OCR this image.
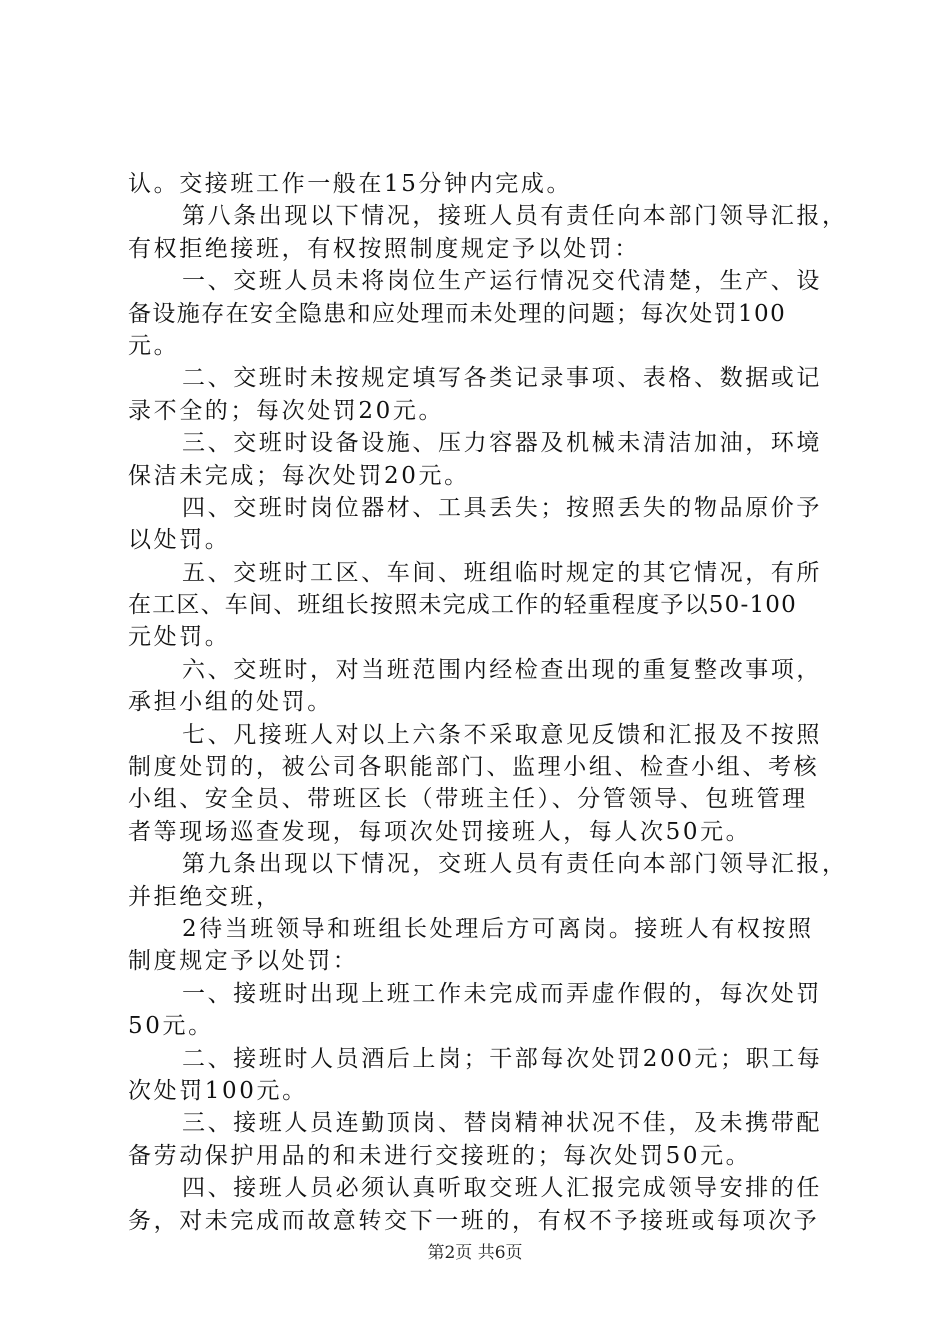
认。交接班工作一般在15分钟内完成。
第八条出现以下情况，接班人员有责任向本部门领导汇报，
有权拒绝接班，有权按照制度规定予以处罚：
一、交班人员未将岗位生产运行情况交代清楚，生产、设
备设施存在安全隐患和应处理而未处理的问题；每次处罚100
元。
二、交班时未按规定填写各类记录事项、表格、数据或记
录不全的；每次处罚20元。
三、交班时设备设施、压力容器及机械未清洁加油，环境
保洁未完成；每次处罚20元。
四、交班时岗位器材、工具丢失；按照丢失的物品原价予
以处罚。
五、交班时工区、车间、班组临时规定的其它情况，有所
在工区、车间、班组长按照未完成工作的轻重程度予以50-100
元处罚。
六、交班时，对当班范围内经检查出现的重复整改事项，
承担小组的处罚。
七、凡接班人对以上六条不采取意见反馈和汇报及不按照
制度处罚的，被公司各职能部门、监理小组、检查小组、考核
小组、安全员、带班区长（带班主任）、分管领导、包班管理
者等现场巡查发现，每项次处罚接班人，每人次50元。
第九条出现以下情况，交班人员有责任向本部门领导汇报，
并拒绝交班，
2待当班领导和班组长处理后方可离岗。接班人有权按照
制度规定予以处罚：
一、接班时出现上班工作未完成而弄虚作假的，每次处罚
50元。
二、接班时人员酒后上岗；干部每次处罚200元；职工每
次处罚100元。
三、接班人员连勤顶岗、替岗精神状况不佳，及未携带配
备劳动保护用品的和未进行交接班的；每次处罚50元。
四、接班人员必须认真听取交班人汇报完成领导安排的任
务，对未完成而故意转交下一班的，有权不予接班或每项次予
第2页 共6页
